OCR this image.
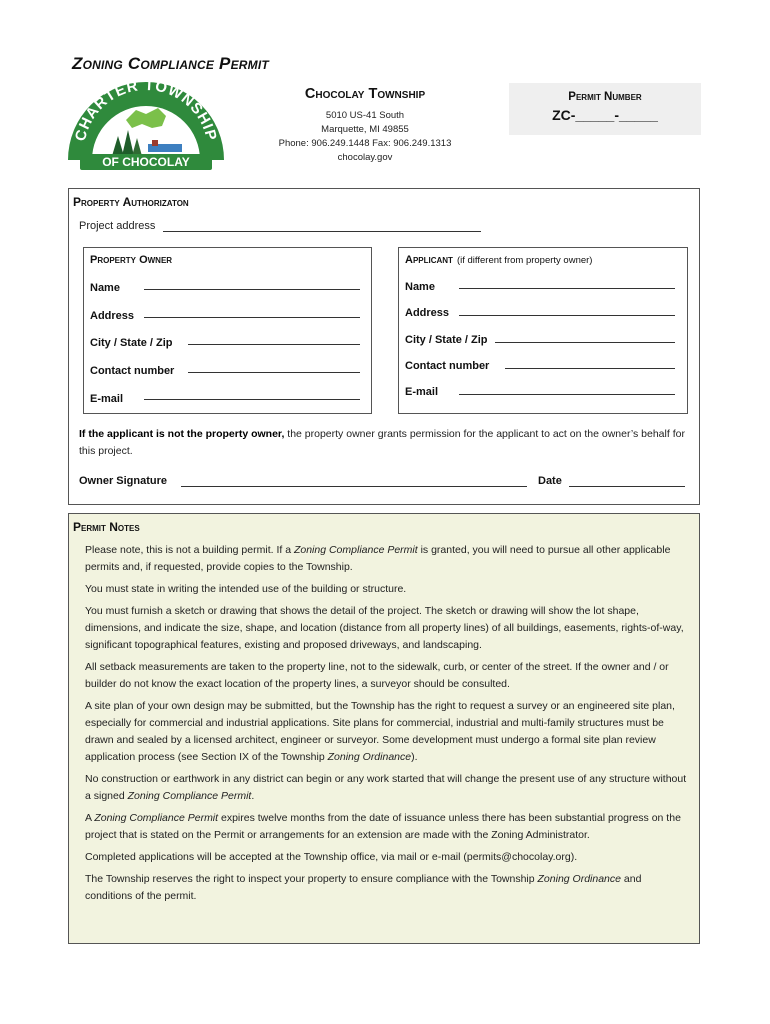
Zoning Compliance Permit
CHARTER TOWNSHIP
OF CHOCOLAY
Chocolay Township
5010 US-41 South
Marquette, MI 49855
Phone: 906.249.1448 Fax: 906.249.1313
chocolay.gov
Permit Number
ZC-_____-_____
Property Authorizaton
Project address
Property Owner
Name
Address
City / State / Zip
Contact number
E-mail
Applicant (if different from property owner)
Name
Address
City / State / Zip
Contact number
E-mail
If the applicant is not the property owner, the property owner grants permission for the applicant to act on the owner’s behalf for this project.
Owner Signature	Date
Permit Notes

Please note, this is not a building permit. If a Zoning Compliance Permit is granted, you will need to pursue all other applicable permits and, if requested, provide copies to the Township.

You must state in writing the intended use of the building or structure.

You must furnish a sketch or drawing that shows the detail of the project. The sketch or drawing will show the lot shape, dimensions, and indicate the size, shape, and location (distance from all property lines) of all buildings, easements, rights-of-way, significant topographical features, existing and proposed driveways, and landscaping.

All setback measurements are taken to the property line, not to the sidewalk, curb, or center of the street. If the owner and / or builder do not know the exact location of the property lines, a surveyor should be consulted.

A site plan of your own design may be submitted, but the Township has the right to request a survey or an engineered site plan, especially for commercial and industrial applications. Site plans for commercial, industrial and multi-family structures must be drawn and sealed by a licensed architect, engineer or surveyor. Some development must undergo a formal site plan review application process (see Section IX of the Township Zoning Ordinance).

No construction or earthwork in any district can begin or any work started that will change the present use of any structure without a signed Zoning Compliance Permit.

A Zoning Compliance Permit expires twelve months from the date of issuance unless there has been substantial progress on the project that is stated on the Permit or arrangements for an extension are made with the Zoning Administrator.

Completed applications will be accepted at the Township office, via mail or e-mail (permits@chocolay.org).

The Township reserves the right to inspect your property to ensure compliance with the Township Zoning Ordinance and conditions of the permit.
